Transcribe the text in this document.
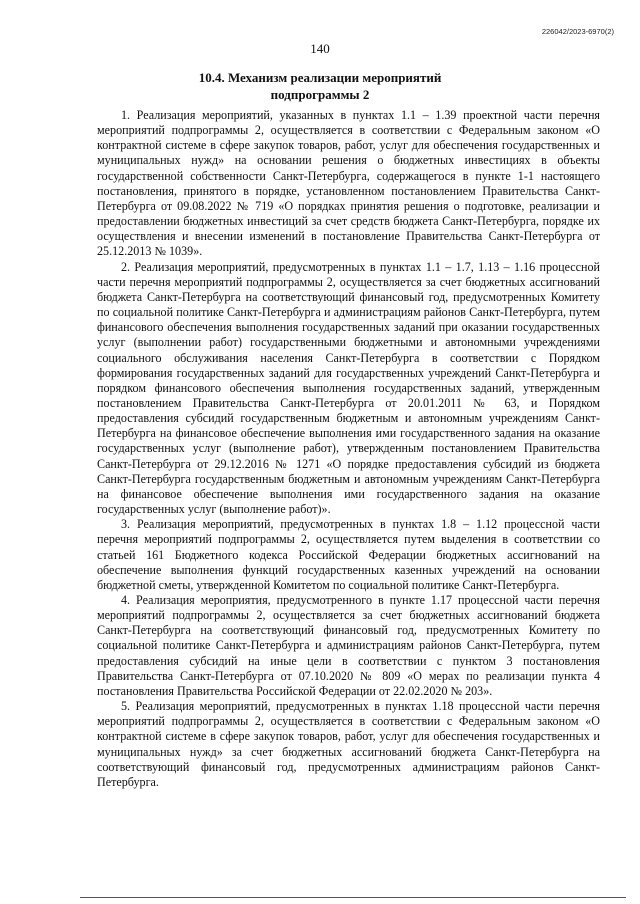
226042/2023-6970(2)
140
10.4. Механизм реализации мероприятий
подпрограммы 2

1. Реализация мероприятий, указанных в пунктах 1.1 – 1.39 проектной части перечня мероприятий подпрограммы 2, осуществляется в соответствии с Федеральным законом «О контрактной системе в сфере закупок товаров, работ, услуг для обеспечения государственных и муниципальных нужд» на основании решения о бюджетных инвестициях в объекты государственной собственности Санкт-Петербурга, содержащегося в пункте 1-1 настоящего постановления, принятого в порядке, установленном постановлением Правительства Санкт-Петербурга от 09.08.2022 № 719 «О порядках принятия решения о подготовке, реализации и предоставлении бюджетных инвестиций за счет средств бюджета Санкт-Петербурга, порядке их осуществления и внесении изменений в постановление Правительства Санкт-Петербурга от 25.12.2013 № 1039».

2. Реализация мероприятий, предусмотренных в пунктах 1.1 – 1.7, 1.13 – 1.16 процессной части перечня мероприятий подпрограммы 2, осуществляется за счет бюджетных ассигнований бюджета Санкт-Петербурга на соответствующий финансовый год, предусмотренных Комитету по социальной политике Санкт-Петербурга и администрациям районов Санкт-Петербурга, путем финансового обеспечения выполнения государственных заданий при оказании государственных услуг (выполнении работ) государственными бюджетными и автономными учреждениями социального обслуживания населения Санкт-Петербурга в соответствии с Порядком формирования государственных заданий для государственных учреждений Санкт-Петербурга и порядком финансового обеспечения выполнения государственных заданий, утвержденным постановлением Правительства Санкт-Петербурга от 20.01.2011 № 63, и Порядком предоставления субсидий государственным бюджетным и автономным учреждениям Санкт-Петербурга на финансовое обеспечение выполнения ими государственного задания на оказание государственных услуг (выполнение работ), утвержденным постановлением Правительства Санкт-Петербурга от 29.12.2016 № 1271 «О порядке предоставления субсидий из бюджета Санкт-Петербурга государственным бюджетным и автономным учреждениям Санкт-Петербурга на финансовое обеспечение выполнения ими государственного задания на оказание государственных услуг (выполнение работ)».

3. Реализация мероприятий, предусмотренных в пунктах 1.8 – 1.12 процессной части перечня мероприятий подпрограммы 2, осуществляется путем выделения в соответствии со статьей 161 Бюджетного кодекса Российской Федерации бюджетных ассигнований на обеспечение выполнения функций государственных казенных учреждений на основании бюджетной сметы, утвержденной Комитетом по социальной политике Санкт-Петербурга.

4. Реализация мероприятия, предусмотренного в пункте 1.17 процессной части перечня мероприятий подпрограммы 2, осуществляется за счет бюджетных ассигнований бюджета Санкт-Петербурга на соответствующий финансовый год, предусмотренных Комитету по социальной политике Санкт-Петербурга и администрациям районов Санкт-Петербурга, путем предоставления субсидий на иные цели в соответствии с пунктом 3 постановления Правительства Санкт-Петербурга от 07.10.2020 № 809 «О мерах по реализации пункта 4 постановления Правительства Российской Федерации от 22.02.2020 № 203».

5. Реализация мероприятий, предусмотренных в пунктах 1.18 процессной части перечня мероприятий подпрограммы 2, осуществляется в соответствии с Федеральным законом «О контрактной системе в сфере закупок товаров, работ, услуг для обеспечения государственных и муниципальных нужд» за счет бюджетных ассигнований бюджета Санкт-Петербурга на соответствующий финансовый год, предусмотренных администрациям районов Санкт-Петербурга.
